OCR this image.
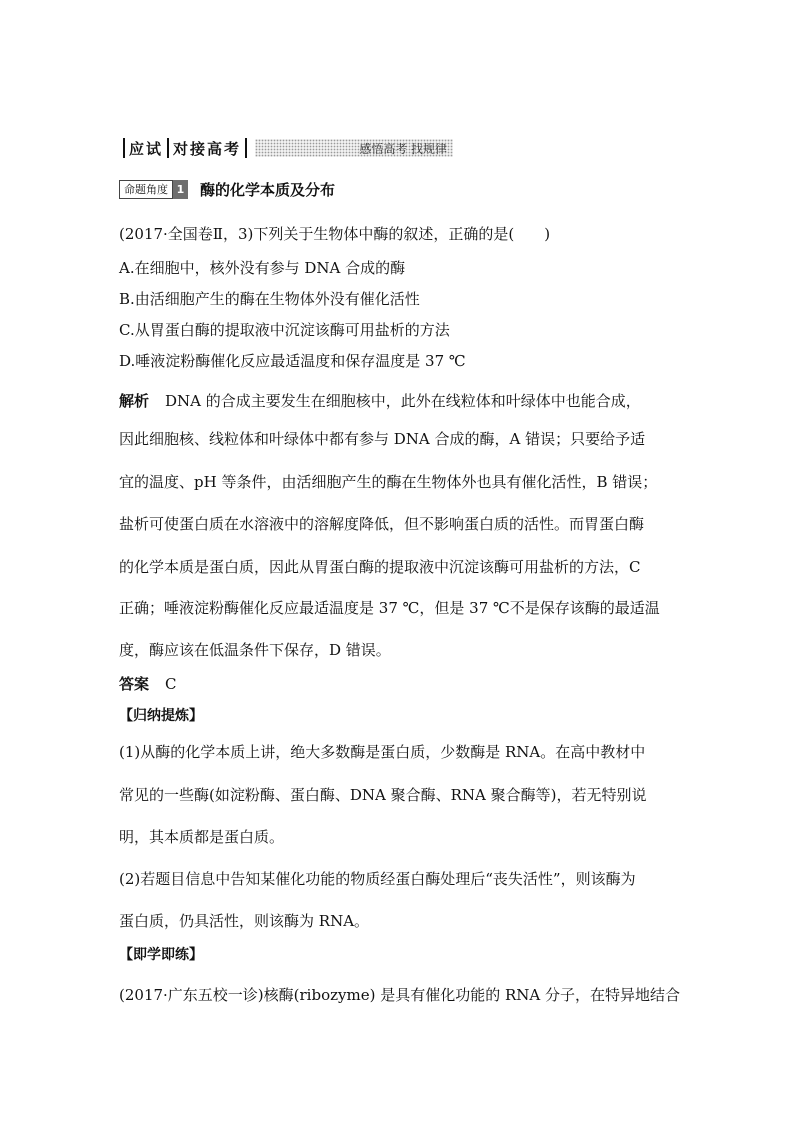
应试 对接高考	感悟高考 找规律
命题角度 1 酶的化学本质及分布
(2017·全国卷Ⅱ，3)下列关于生物体中酶的叙述，正确的是(　　)
A.在细胞中，核外没有参与 DNA 合成的酶
B.由活细胞产生的酶在生物体外没有催化活性
C.从胃蛋白酶的提取液中沉淀该酶可用盐析的方法
D.唾液淀粉酶催化反应最适温度和保存温度是 37 ℃
解析 DNA 的合成主要发生在细胞核中，此外在线粒体和叶绿体中也能合成，
因此细胞核、线粒体和叶绿体中都有参与 DNA 合成的酶，A 错误；只要给予适
宜的温度、pH 等条件，由活细胞产生的酶在生物体外也具有催化活性，B 错误；
盐析可使蛋白质在水溶液中的溶解度降低，但不影响蛋白质的活性。而胃蛋白酶
的化学本质是蛋白质，因此从胃蛋白酶的提取液中沉淀该酶可用盐析的方法，C
正确；唾液淀粉酶催化反应最适温度是 37 ℃，但是 37 ℃不是保存该酶的最适温
度，酶应该在低温条件下保存，D 错误。
答案 C
【归纳提炼】
(1)从酶的化学本质上讲，绝大多数酶是蛋白质，少数酶是 RNA。在高中教材中
常见的一些酶(如淀粉酶、蛋白酶、DNA 聚合酶、RNA 聚合酶等)，若无特别说
明，其本质都是蛋白质。
(2)若题目信息中告知某催化功能的物质经蛋白酶处理后“丧失活性”，则该酶为
蛋白质，仍具活性，则该酶为 RNA。
【即学即练】
(2017·广东五校一诊)核酶(ribozyme) 是具有催化功能的 RNA 分子，在特异地结合
